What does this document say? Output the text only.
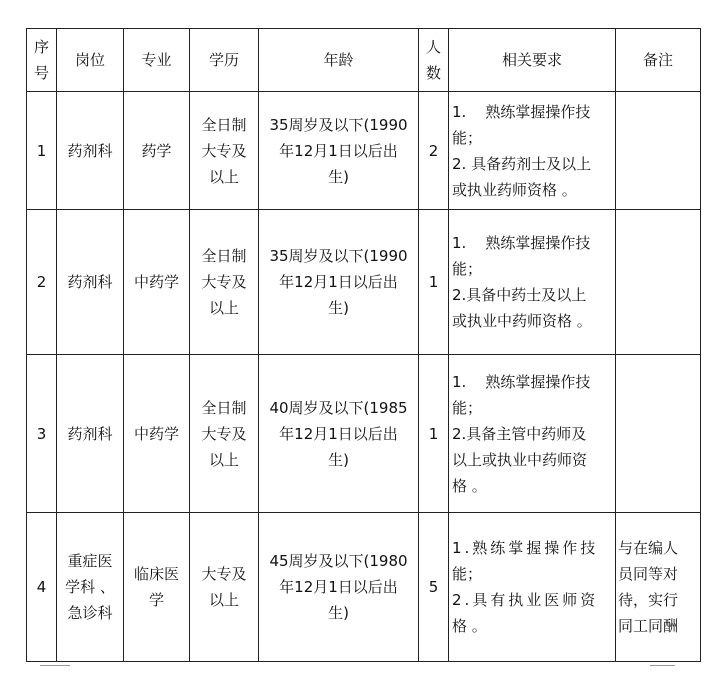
序
号	岗位	专业	学历	年龄	人
数	相关要求	备注
1	药剂科	药学	全日制
大专及
以上	35周岁及以下(1990
年12月1日以后出
生)	2	1.    熟练掌握操作技
能；
2. 具备药剂士及以上
或执业药师资格 。	

2	药剂科	中药学	全日制
大专及
以上	35周岁及以下(1990
年12月1日以后出
生)	1	1.    熟练掌握操作技
能；
2.具备中药士及以上
或执业中药师资格 。	

3	药剂科	中药学	全日制
大专及
以上	40周岁及以下(1985
年12月1日以后出
生)	1	1.    熟练掌握操作技
能；
2.具备主管中药师及
以上或执业中药师资
格 。	

4	重症医
学科 、
急诊科	临床医
学	大专及
以上	45周岁及以下(1980
年12月1日以后出
生)	5	1.熟练掌握操作技
能；
2.具有执业医师资
格 。	与在编人
员同等对
待，实行
同工同酬
